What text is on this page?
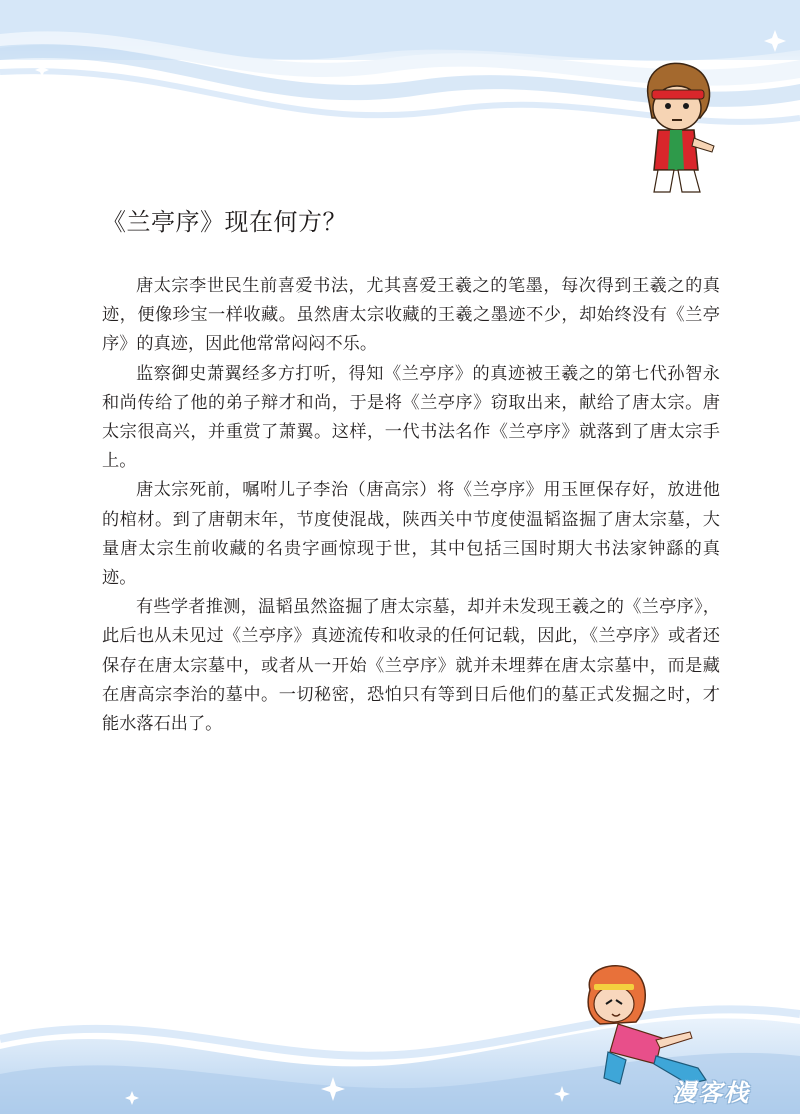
《兰亭序》现在何方？

唐太宗李世民生前喜爱书法，尤其喜爱王羲之的笔墨，每次得到王羲之的真迹，便像珍宝一样收藏。虽然唐太宗收藏的王羲之墨迹不少，却始终没有《兰亭序》的真迹，因此他常常闷闷不乐。

监察御史萧翼经多方打听，得知《兰亭序》的真迹被王羲之的第七代孙智永和尚传给了他的弟子辩才和尚，于是将《兰亭序》窃取出来，献给了唐太宗。唐太宗很高兴，并重赏了萧翼。这样，一代书法名作《兰亭序》就落到了唐太宗手上。

唐太宗死前，嘱咐儿子李治（唐高宗）将《兰亭序》用玉匣保存好，放进他的棺材。到了唐朝末年，节度使混战，陕西关中节度使温韬盗掘了唐太宗墓，大量唐太宗生前收藏的名贵字画惊现于世，其中包括三国时期大书法家钟繇的真迹。

有些学者推测，温韬虽然盗掘了唐太宗墓，却并未发现王羲之的《兰亭序》，此后也从未见过《兰亭序》真迹流传和收录的任何记载，因此，《兰亭序》或者还保存在唐太宗墓中，或者从一开始《兰亭序》就并未埋葬在唐太宗墓中，而是藏在唐高宗李治的墓中。一切秘密，恐怕只有等到日后他们的墓正式发掘之时，才能水落石出了。

漫客栈
